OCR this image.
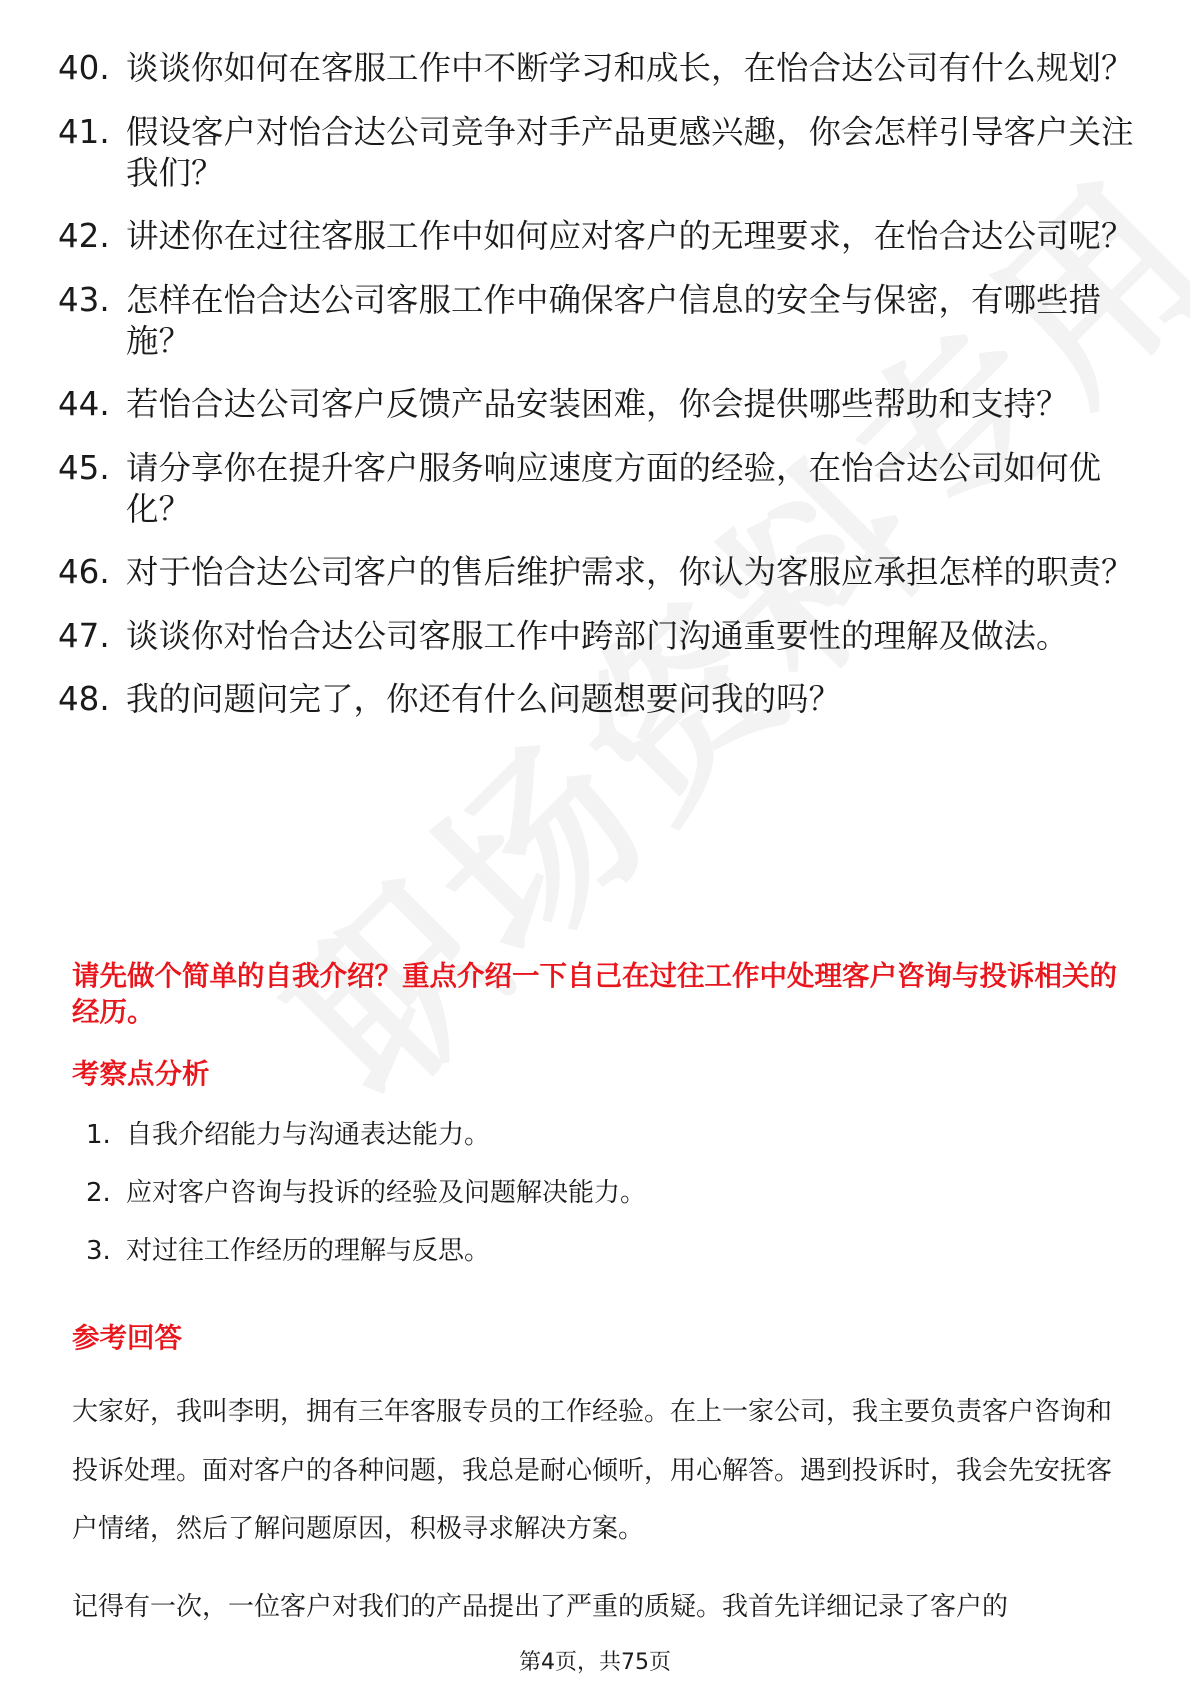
40. 谈谈你如何在客服工作中不断学习和成长，在怡合达公司有什么规划？
41. 假设客户对怡合达公司竞争对手产品更感兴趣，你会怎样引导客户关注我们？
42. 讲述你在过往客服工作中如何应对客户的无理要求，在怡合达公司呢？
43. 怎样在怡合达公司客服工作中确保客户信息的安全与保密，有哪些措施？
44. 若怡合达公司客户反馈产品安装困难，你会提供哪些帮助和支持？
45. 请分享你在提升客户服务响应速度方面的经验，在怡合达公司如何优化？
46. 对于怡合达公司客户的售后维护需求，你认为客服应承担怎样的职责？
47. 谈谈你对怡合达公司客服工作中跨部门沟通重要性的理解及做法。
48. 我的问题问完了，你还有什么问题想要问我的吗？
请先做个简单的自我介绍？重点介绍一下自己在过往工作中处理客户咨询与投诉相关的经历。
考察点分析
1. 自我介绍能力与沟通表达能力。
2. 应对客户咨询与投诉的经验及问题解决能力。
3. 对过往工作经历的理解与反思。
参考回答

大家好，我叫李明，拥有三年客服专员的工作经验。在上一家公司，我主要负责客户咨询和投诉处理。面对客户的各种问题，我总是耐心倾听，用心解答。遇到投诉时，我会先安抚客户情绪，然后了解问题原因，积极寻求解决方案。

记得有一次，一位客户对我们的产品提出了严重的质疑。我首先详细记录了客户的

第4页，共75页
